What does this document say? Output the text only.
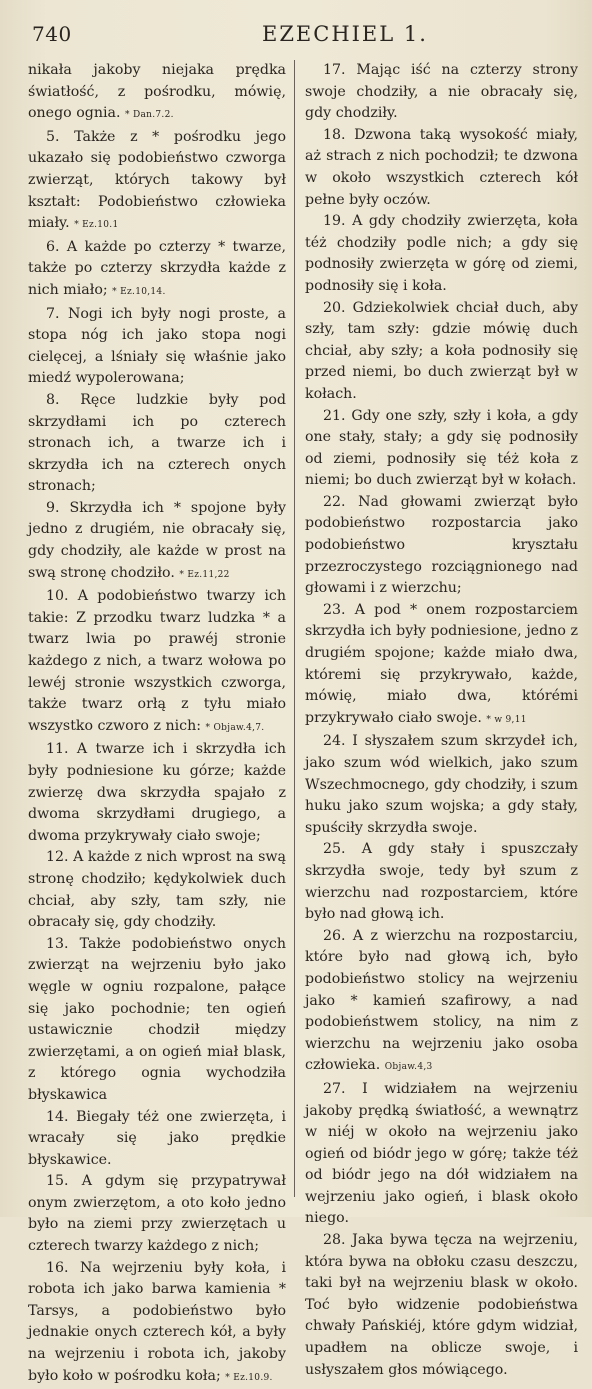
740	EZECHIEL 1.

nikała jakoby niejaka prędka światłość, z pośrodku, mówię, onego ognia. * Dan.7.2.

5. Także z * pośrodku jego ukazało się podobieństwo czworga zwierząt, których takowy był kształt: Podobieństwo człowieka miały. * Ez.10.1

6. A każde po czterzy * twarze, także po czterzy skrzydła każde z nich miało; * Ez.10,14.

7. Nogi ich były nogi proste, a stopa nóg ich jako stopa nogi cielęcej, a lśniały się właśnie jako miedź wypolerowana;

8. Ręce ludzkie były pod skrzydłami ich po czterech stronach ich, a twarze ich i skrzydła ich na czterech onych stronach;

9. Skrzydła ich * spojone były jedno z drugiém, nie obracały się, gdy chodziły, ale każde w prost na swą stronę chodziło. * Ez.11,22

10. A podobieństwo twarzy ich takie: Z przodku twarz ludzka * a twarz lwia po prawéj stronie każdego z nich, a twarz wołowa po lewéj stronie wszystkich czworga, także twarz orłą z tyłu miało wszystko czworo z nich: * Objaw.4,7.

11. A twarze ich i skrzydła ich były podniesione ku górze; każde zwierzę dwa skrzydła spajało z dwoma skrzydłami drugiego, a dwoma przykrywały ciało swoje;

12. A każde z nich wprost na swą stronę chodziło; kędykolwiek duch chciał, aby szły, tam szły, nie obracały się, gdy chodziły.

13. Także podobieństwo onych zwierząt na wejrzeniu było jako węgle w ogniu rozpalone, pałące się jako pochodnie; ten ogień ustawicznie chodził między zwierzętami, a on ogień miał blask, z którego ognia wychodziła błyskawica

14. Biegały téż one zwierzęta, i wracały się jako prędkie błyskawice.

15. A gdym się przypatrywał onym zwierzętom, a oto koło jedno było na ziemi przy zwierzętach u czterech twarzy każdego z nich;

16. Na wejrzeniu były koła, i robota ich jako barwa kamienia * Tarsys, a podobieństwo było jednakie onych czterech kół, a były na wejrzeniu i robota ich, jakoby było koło w pośrodku koła; * Ez.10.9.

17. Mając iść na czterzy strony swoje chodziły, a nie obracały się, gdy chodziły.

18. Dzwona taką wysokość miały, aż strach z nich pochodził; te dzwona w około wszystkich czterech kół pełne były oczów.

19. A gdy chodziły zwierzęta, koła téż chodziły podle nich; a gdy się podnosiły zwierzęta w górę od ziemi, podnosiły się i koła.

20. Gdziekolwiek chciał duch, aby szły, tam szły: gdzie mówię duch chciał, aby szły; a koła podnosiły się przed niemi, bo duch zwierząt był w kołach.

21. Gdy one szły, szły i koła, a gdy one stały, stały; a gdy się podnosiły od ziemi, podnosiły się téż koła z niemi; bo duch zwierząt był w kołach.

22. Nad głowami zwierząt było podobieństwo rozpostarcia jako podobieństwo kryształu przezroczystego rozciągnionego nad głowami i z wierzchu;

23. A pod * onem rozpostarciem skrzydła ich były podniesione, jedno z drugiém spojone; każde miało dwa, któremi się przykrywało, każde, mówię, miało dwa, którémi przykrywało ciało swoje. * w 9,11

24. I słyszałem szum skrzydeł ich, jako szum wód wielkich, jako szum Wszechmocnego, gdy chodziły, i szum huku jako szum wojska; a gdy stały, spuściły skrzydła swoje.

25. A gdy stały i spuszczały skrzydła swoje, tedy był szum z wierzchu nad rozpostarciem, które było nad głową ich.

26. A z wierzchu na rozpostarciu, które było nad głową ich, było podobieństwo stolicy na wejrzeniu jako * kamień szafirowy, a nad podobieństwem stolicy, na nim z wierzchu na wejrzeniu jako osoba człowieka. Objaw.4,3

27. I widziałem na wejrzeniu jakoby prędką światłość, a wewnątrz w niéj w około na wejrzeniu jako ogień od biódr jego w górę; także téż od biódr jego na dół widziałem na wejrzeniu jako ogień, i blask około niego.

28. Jaka bywa tęcza na wejrzeniu, która bywa na obłoku czasu deszczu, taki był na wejrzeniu blask w około. Toć było widzenie podobieństwa chwały Pańskiéj, które gdym widział, upadłem na oblicze swoje, i usłyszałem głos mówiącego.
